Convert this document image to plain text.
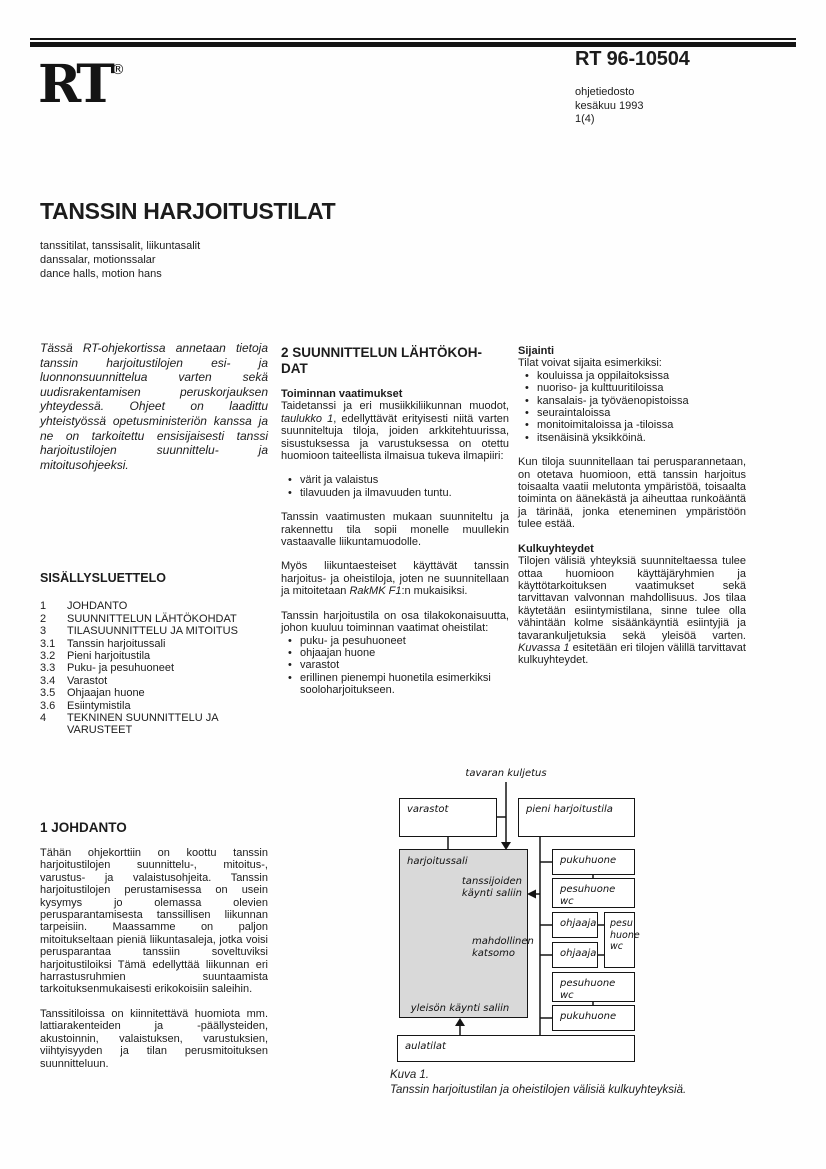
RT®	RT 96-10504
ohjetiedosto
kesäkuu 1993
1(4)
TANSSIN HARJOITUSTILAT
tanssitilat, tanssisalit, liikuntasalit
danssalar, motionssalar
dance halls, motion hans
Tässä RT-ohjekortissa annetaan tietoja tanssin harjoitustilojen esi- ja luonnonsuunnittelua varten sekä uudisrakentamisen peruskorjauksen yhteydessä. Ohjeet on laadittu yhteistyössä opetusministeriön kanssa ja ne on tarkoitettu ensisijaisesti tanssi harjoitustilojen suunnittelu- ja mitoitusohjeeksi.
SISÄLLYSLUETTELO
1	JOHDANTO
2	SUUNNITTELUN LÄHTÖKOHDAT
3	TILASUUNNITTELU JA MITOITUS
3.1	Tanssin harjoitussali
3.2	Pieni harjoitustila
3.3	Puku- ja pesuhuoneet
3.4	Varastot
3.5	Ohjaajan huone
3.6	Esiintymistila
4	TEKNINEN SUUNNITTELU JA VARUSTEET
2 SUUNNITTELUN LÄHTÖKOH-
DAT
Toiminnan vaatimukset

Taidetanssi ja eri musiikkiliikunnan muodot, taulukko 1, edellyttävät erityisesti niitä varten suunniteltuja tiloja, joiden arkkitehtuurissa, sisustuksessa ja varustuksessa on otettu huomioon taiteellista ilmaisua tukeva ilmapiiri:

• värit ja valaistus
• tilavuuden ja ilmavuuden tuntu.

Tanssin vaatimusten mukaan suunniteltu ja rakennettu tila sopii monelle muullekin vastaavalle liikuntamuodolle.

Myös liikuntaesteiset käyttävät tanssin harjoitus- ja oheistiloja, joten ne suunnitellaan ja mitoitetaan RakMK F1:n mukaisiksi.

Tanssin harjoitustila on osa tilakokonaisuutta, johon kuuluu toiminnan vaatimat oheistilat:

• puku- ja pesuhuoneet
• ohjaajan huone
• varastot
• erillinen pienempi huonetila esimerkiksi sooloharjoitukseen.
Sijainti
Tilat voivat sijaita esimerkiksi:
• kouluissa ja oppilaitoksissa
• nuoriso- ja kulttuuritiloissa
• kansalais- ja työväenopistoissa
• seuraintaloissa
• monitoimitaloissa ja -tiloissa
• itsenäisinä yksikköinä.

Kun tiloja suunnitellaan tai perusparannetaan, on otetava huomioon, että tanssin harjoitus toisaalta vaatii melutonta ympäristöä, toisaalta toiminta on äänekästä ja aiheuttaa runkoääntä ja tärinää, jonka eteneminen ympäristöön tulee estää.

Kulkuyhteydet

Tilojen välisiä yhteyksiä suunniteltaessa tulee ottaa huomioon käyttäjäryhmien ja käyttötarkoituksen vaatimukset sekä tarvittavan valvonnan mahdollisuus. Jos tilaa käytetään esiintymistilana, sinne tulee olla vähintään kolme sisäänkäyntiä esiintyjiä ja tavarankuljetuksia sekä yleisöä varten. Kuvassa 1 esitetään eri tilojen välillä tarvittavat kulkuyhteydet.

1 JOHDANTO

Tähän ohjekorttiin on koottu tanssin harjoitustilojen suunnittelu-, mitoitus-, varustus- ja valaistusohjeita. Tanssin harjoitustilojen perustamisessa on usein kysymys jo olemassa olevien perusparantamisesta tanssillisen liikunnan tarpeisiin. Maassamme on paljon mitoitukseltaan pieniä liikuntasaleja, jotka voisi perusparantaa tanssiin soveltuviksi harjoitustiloiksi Tämä edellyttää liikunnan eri harrastusruhmien suuntaamista tarkoituksenmukaisesti erikokoisiin saleihin.

Tanssitiloissa on kiinnitettävä huomiota mm. lattiarakenteiden ja -päällysteiden, akustoinnin, valaistuksen, varustuksien, viihtyisyyden ja tilan perusmitoituksen suunnitteluun.

tavaran kuljetus
varastot	pieni harjoitustila
harjoitussali
tanssijoiden käynti saliin
mahdollinen katsomo
yleisön käynti saliin
pukuhuone
pesuhuone wc
ohjaaja	pesu huone wc
ohjaaja
pesuhuone wc
pukuhuone
aulatilat
Kuva 1.
Tanssin harjoitustilan ja oheistilojen välisiä kulkuyhteyksiä.
